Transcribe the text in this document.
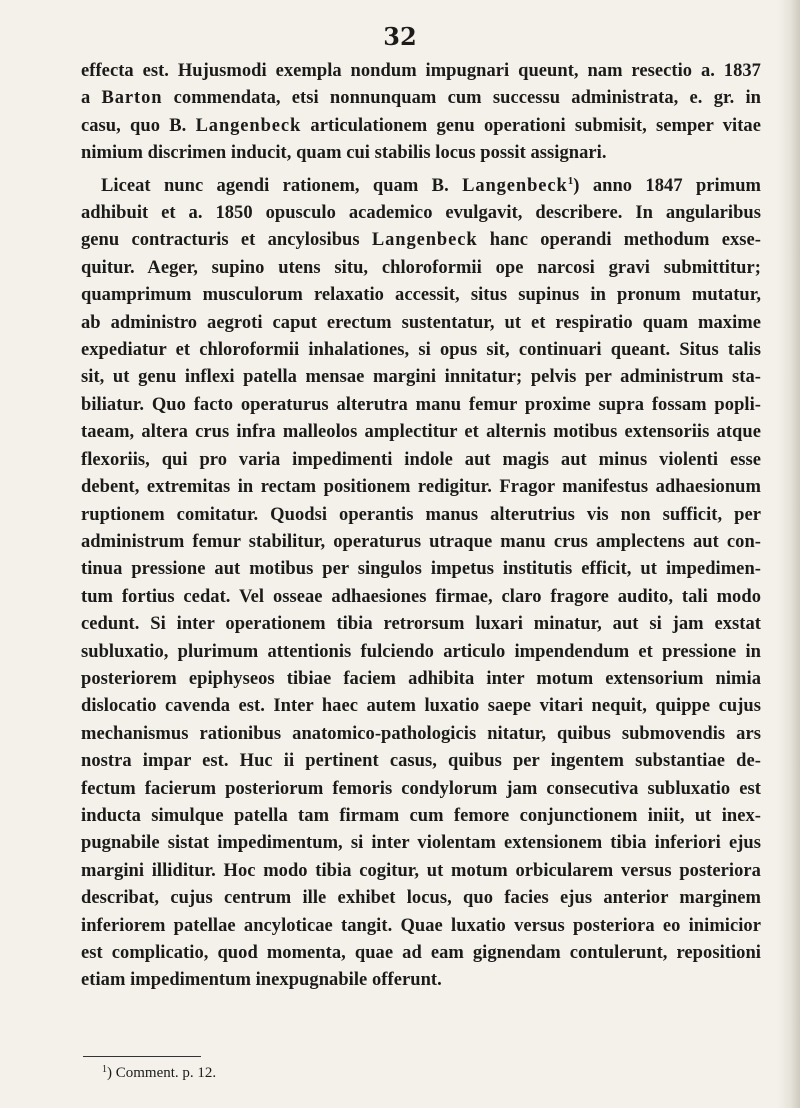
32
effecta est. Hujusmodi exempla nondum impugnari queunt, nam resectio a. 1837
a Barton commendata, etsi nonnunquam cum successu administrata, e. gr. in
casu, quo B. Langenbeck articulationem genu operationi submisit, semper vitae
nimium discrimen inducit, quam cui stabilis locus possit assignari.
Liceat nunc agendi rationem, quam B. Langenbeck$^1$) anno 1847 primum
adhibuit et a. 1850 opusculo academico evulgavit, describere. In angularibus
genu contracturis et ancylosibus Langenbeck hanc operandi methodum exse-
quitur. Aeger, supino utens situ, chloroformii ope narcosi gravi submittitur;
quamprimum musculorum relaxatio accessit, situs supinus in pronum mutatur,
ab administro aegroti caput erectum sustentatur, ut et respiratio quam maxime
expediatur et chloroformii inhalationes, si opus sit, continuari queant. Situs talis
sit, ut genu inflexi patella mensae margini innitatur; pelvis per administrum sta-
biliatur. Quo facto operaturus alterutra manu femur proxime supra fossam popli-
taeam, altera crus infra malleolos amplectitur et alternis motibus extensoriis atque
flexoriis, qui pro varia impedimenti indole aut magis aut minus violenti esse
debent, extremitas in rectam positionem redigitur. Fragor manifestus adhaesionum
ruptionem comitatur. Quodsi operantis manus alterutrius vis non sufficit, per
administrum femur stabilitur, operaturus utraque manu crus amplectens aut con-
tinua pressione aut motibus per singulos impetus institutis efficit, ut impedimen-
tum fortius cedat. Vel osseae adhaesiones firmae, claro fragore audito, tali modo
cedunt. Si inter operationem tibia retrorsum luxari minatur, aut si jam exstat
subluxatio, plurimum attentionis fulciendo articulo impendendum et pressione in
posteriorem epiphyseos tibiae faciem adhibita inter motum extensorium nimia
dislocatio cavenda est. Inter haec autem luxatio saepe vitari nequit, quippe cujus
mechanismus rationibus anatomico-pathologicis nitatur, quibus submovendis ars
nostra impar est. Huc ii pertinent casus, quibus per ingentem substantiae de-
fectum facierum posteriorum femoris condylorum jam consecutiva subluxatio est
inducta simulque patella tam firmam cum femore conjunctionem iniit, ut inex-
pugnabile sistat impedimentum, si inter violentam extensionem tibia inferiori ejus
margini illiditur. Hoc modo tibia cogitur, ut motum orbicularem versus posteriora
describat, cujus centrum ille exhibet locus, quo facies ejus anterior marginem
inferiorem patellae ancyloticae tangit. Quae luxatio versus posteriora eo inimicior
est complicatio, quod momenta, quae ad eam gignendam contulerunt, repositioni
etiam impedimentum inexpugnabile offerunt.
$^1$) Comment. p. 12.
